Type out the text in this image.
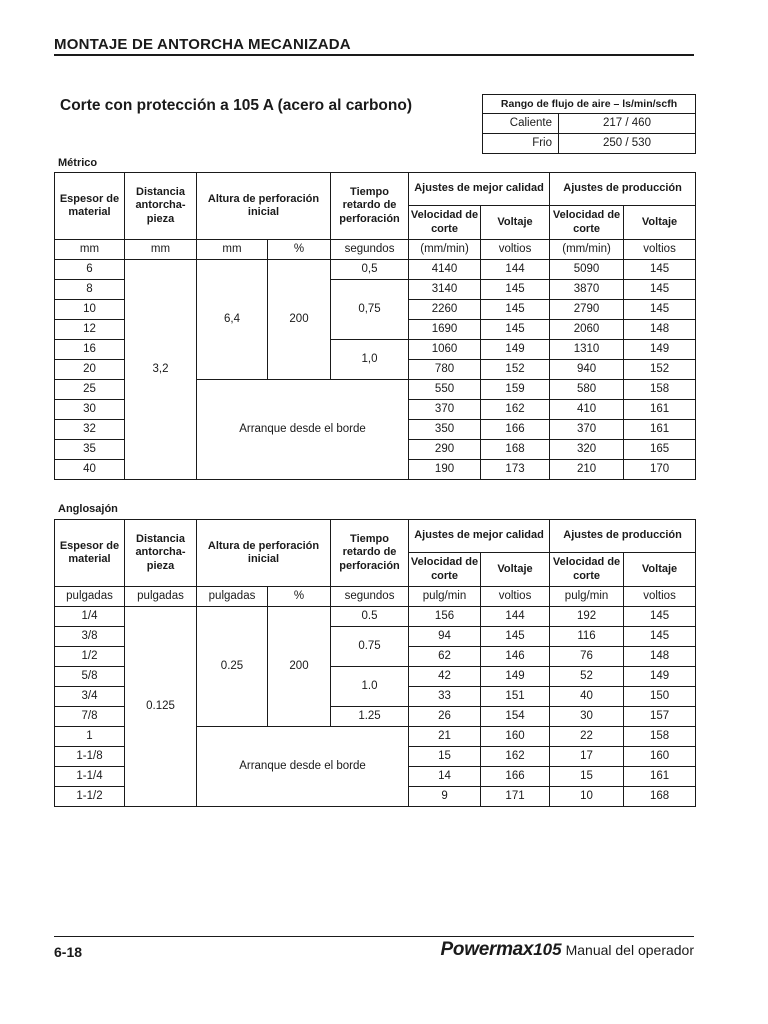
MONTAJE DE ANTORCHA MECANIZADA
Corte con protección a 105 A (acero al carbono)	Rango de flujo de aire – ls/min/scfh	
Caliente	217 / 460
Frio	250 / 530
Métrico
Espesor de material	Distancia antorcha-pieza	Altura de perforación inicial		Tiempo retardo de perforación	Ajustes de mejor calidad		Ajustes de producción	
					Velocidad de corte	Voltaje	Velocidad de corte	Voltaje
mm	mm	mm	%	segundos	(mm/min)	voltios	(mm/min)	voltios
6	3,2	6,4	200	0,5	4140	144	5090	145
8				0,75	3140	145	3870	145
10					2260	145	2790	145
12					1690	145	2060	148
16				1,0	1060	149	1310	149
20					780	152	940	152
25		Arranque desde el borde			550	159	580	158
30					370	162	410	161
32					350	166	370	161
35					290	168	320	165
40					190	173	210	170
Anglosajón
Espesor de material	Distancia antorcha-pieza	Altura de perforación inicial		Tiempo retardo de perforación	Ajustes de mejor calidad		Ajustes de producción	
					Velocidad de corte	Voltaje	Velocidad de corte	Voltaje
pulgadas	pulgadas	pulgadas	%	segundos	pulg/min	voltios	pulg/min	voltios
1/4	0.125	0.25	200	0.5	156	144	192	145
3/8				0.75	94	145	116	145
1/2					62	146	76	148
5/8				1.0	42	149	52	149
3/4					33	151	40	150
7/8				1.25	26	154	30	157
1		Arranque desde el borde			21	160	22	158
1-1/8					15	162	17	160
1-1/4					14	166	15	161
1-1/2					9	171	10	168
6-18	Powermax105 Manual del operador
